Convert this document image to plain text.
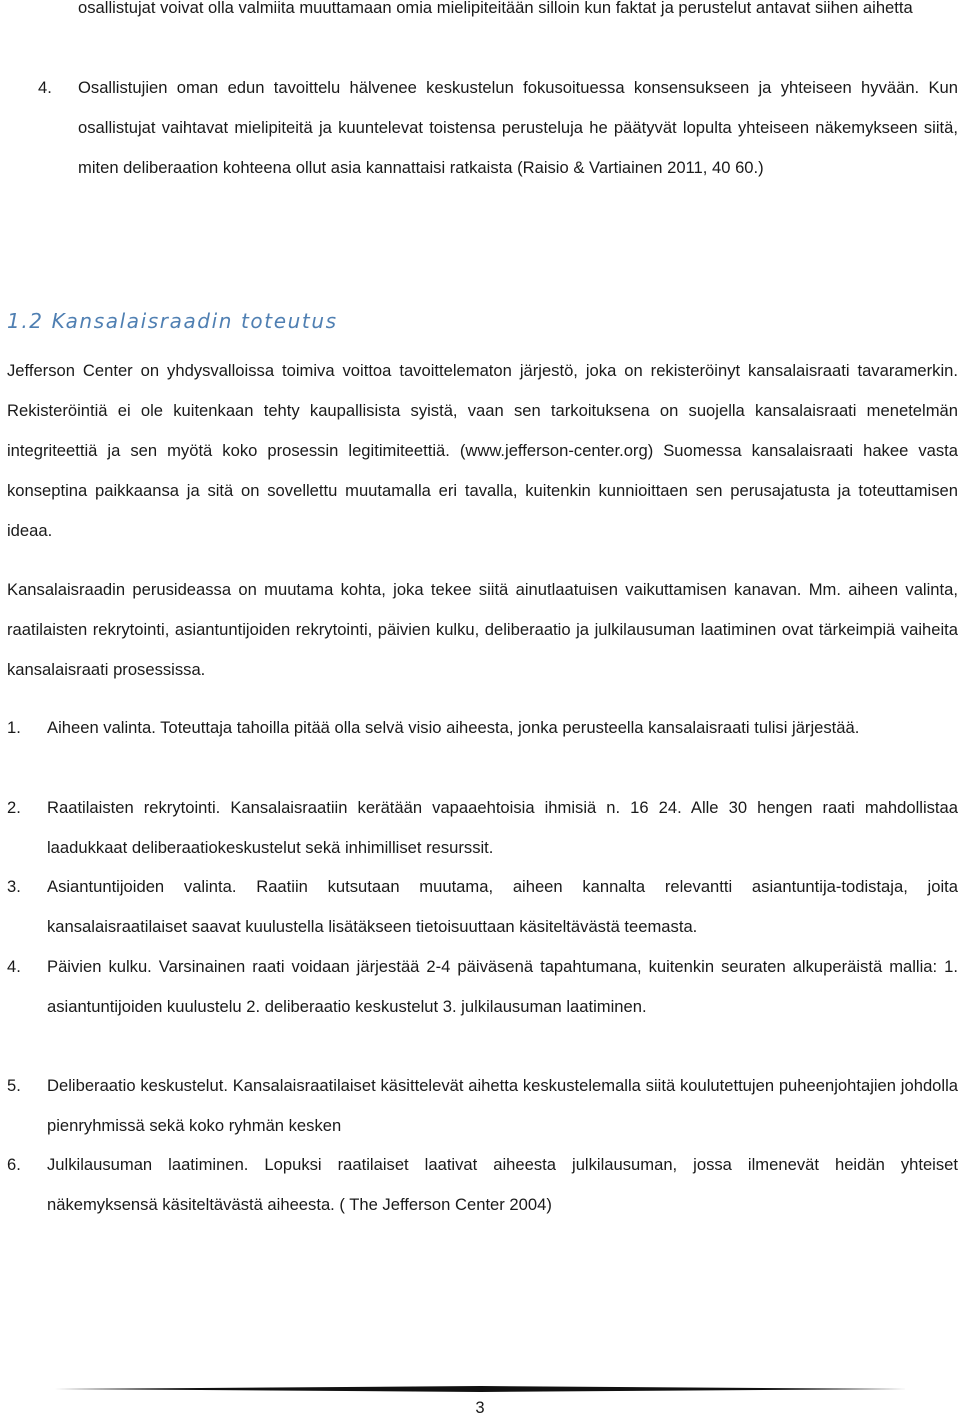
osallistujat voivat olla valmiita muuttamaan omia mielipiteitään silloin kun faktat ja perustelut antavat siihen aihetta

4.	Osallistujien oman edun tavoittelu hälvenee keskustelun fokusoituessa konsensukseen ja yhteiseen hyvään. Kun osallistujat vaihtavat mielipiteitä ja kuuntelevat toistensa perusteluja he päätyvät lopulta yhteiseen näkemykseen siitä, miten deliberaation kohteena ollut asia kannattaisi ratkaista (Raisio & Vartiainen 2011, 40 60.)

1.2 Kansalaisraadin toteutus

Jefferson Center on yhdysvalloissa toimiva voittoa tavoittelematon järjestö, joka on rekisteröinyt kansalaisraati tavaramerkin. Rekisteröintiä ei ole kuitenkaan tehty kaupallisista syistä, vaan sen tarkoituksena on suojella kansalaisraati menetelmän integriteettiä ja sen myötä koko prosessin legitimiteettiä. (www.jefferson-center.org) Suomessa kansalaisraati hakee vasta konseptina paikkaansa ja sitä on sovellettu muutamalla eri tavalla, kuitenkin kunnioittaen sen perusajatusta ja toteuttamisen ideaa.

Kansalaisraadin perusideassa on muutama kohta, joka tekee siitä ainutlaatuisen vaikuttamisen kanavan. Mm. aiheen valinta, raatilaisten rekrytointi, asiantuntijoiden rekrytointi, päivien kulku, deliberaatio ja julkilausuman laatiminen ovat tärkeimpiä vaiheita kansalaisraati prosessissa.

1.	Aiheen valinta. Toteuttaja tahoilla pitää olla selvä visio aiheesta, jonka perusteella kansalaisraati tulisi järjestää.

2.	Raatilaisten rekrytointi. Kansalaisraatiin kerätään vapaaehtoisia ihmisiä n. 16 24. Alle 30 hengen raati mahdollistaa laadukkaat deliberaatiokeskustelut sekä inhimilliset resurssit.

3.	Asiantuntijoiden valinta. Raatiin kutsutaan muutama, aiheen kannalta relevantti asiantuntija-todistaja, joita kansalaisraatilaiset saavat kuulustella lisätäkseen tietoisuuttaan käsiteltävästä teemasta.

4.	Päivien kulku. Varsinainen raati voidaan järjestää 2-4 päiväsenä tapahtumana, kuitenkin seuraten alkuperäistä mallia: 1. asiantuntijoiden kuulustelu 2. deliberaatio keskustelut 3. julkilausuman laatiminen.

5.	Deliberaatio keskustelut. Kansalaisraatilaiset käsittelevät aihetta keskustelemalla siitä koulutettujen puheenjohtajien johdolla pienryhmissä sekä koko ryhmän kesken

6.	Julkilausuman laatiminen. Lopuksi raatilaiset laativat aiheesta julkilausuman, jossa ilmenevät heidän yhteiset näkemyksensä käsiteltävästä aiheesta. ( The Jefferson Center 2004)

3
